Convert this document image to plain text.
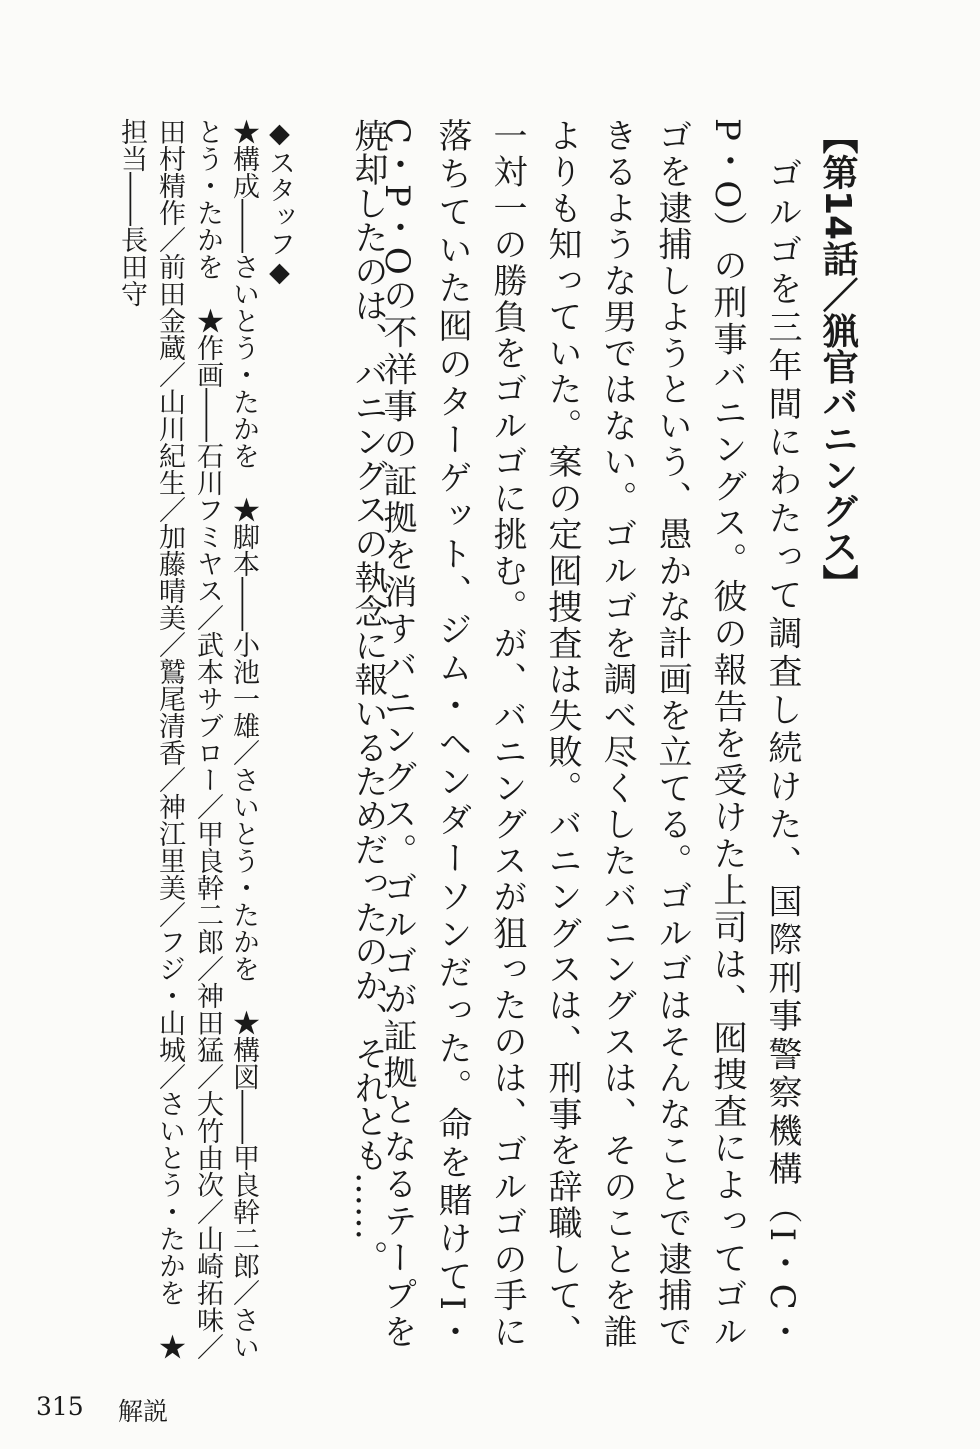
【第14話／猟官バニングス】
　ゴルゴを三年間にわたって調査し続けた、国際刑事警察機構（I・C・
P・O）の刑事バニングス。彼の報告を受けた上司は、囮捜査によってゴル
ゴを逮捕しようという、愚かな計画を立てる。ゴルゴはそんなことで逮捕で
きるような男ではない。ゴルゴを調べ尽くしたバニングスは、そのことを誰
よりも知っていた。案の定囮捜査は失敗。バニングスは、刑事を辞職して、
一対一の勝負をゴルゴに挑む。が、バニングスが狙ったのは、ゴルゴの手に
落ちていた囮のターゲット、ジム・ヘンダーソンだった。命を賭けてI・
C・P・Oの不祥事の証拠を消すバニングス。ゴルゴが証拠となるテープを
焼却したのは、バニングスの執念に報いるためだったのか、それとも……。
◆スタッフ◆
★構成――さいとう・たかを　★脚本――小池一雄／さいとう・たかを　★構図――甲良幹二郎／さい
とう・たかを　★作画――石川フミヤス／武本サブロー／甲良幹二郎／神田猛／大竹由次／山崎拓味／
田村精作／前田金蔵／山川紀生／加藤晴美／鷲尾清香／神江里美／フジ・山城／さいとう・たかを　★
担当――長田守
315 解説
